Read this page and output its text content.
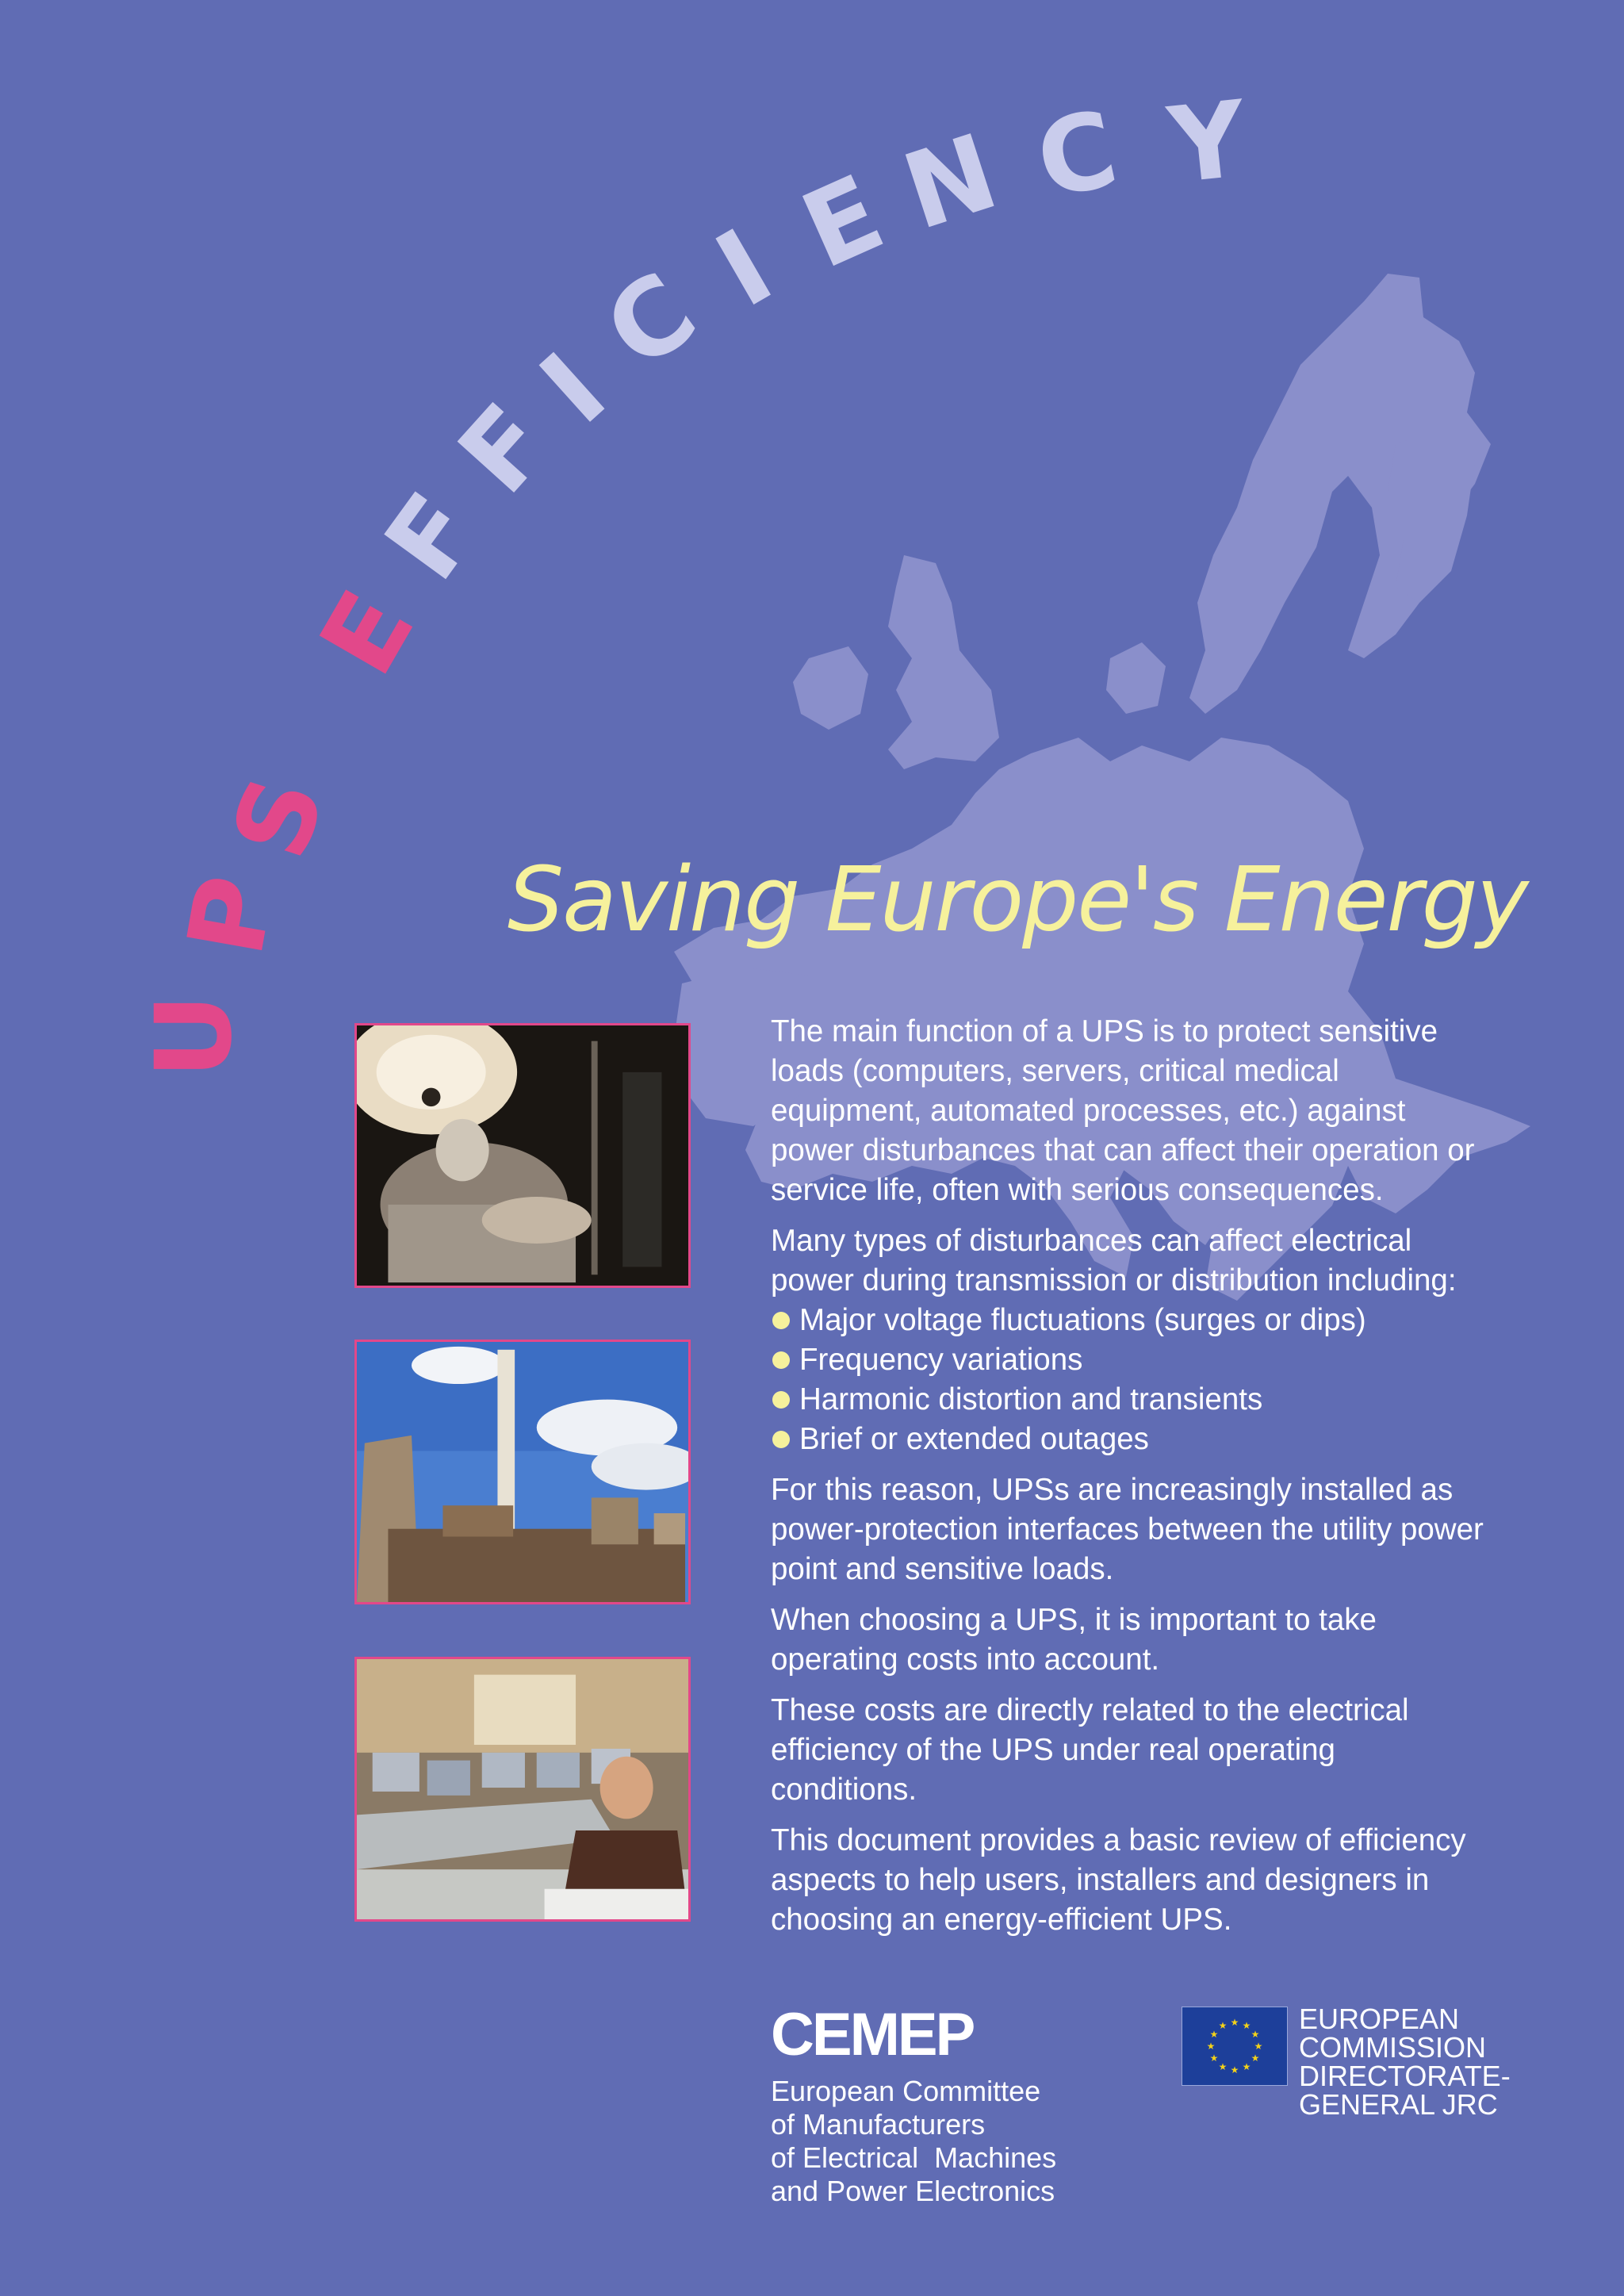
U
P
S
E
F
F
I
C
I
E
N C Y
Saving Europe's Energy

The main function of a UPS is to protect sensitive loads (computers, servers, critical medical equipment, automated processes, etc.) against power disturbances that can affect their operation or service life, often with serious consequences.

Many types of disturbances can affect electrical power during transmission or distribution including:

Major voltage fluctuations (surges or dips)
Frequency variations
Harmonic distortion and transients
Brief or extended outages

For this reason, UPSs are increasingly installed as power-protection interfaces between the utility power point and sensitive loads.

When choosing a UPS, it is important to take operating costs into account.

These costs are directly related to the electrical efficiency of the UPS under real operating conditions.

This document provides a basic review of efficiency aspects to help users, installers and designers in choosing an energy-efficient UPS.

CEMEP
European Committee
of Manufacturers
of Electrical  Machines
and Power Electronics
★
★
★
★
★
★
★
★
★ ★ ★
★ EUROPEAN
COMMISSION
DIRECTORATE-
GENERAL JRC
